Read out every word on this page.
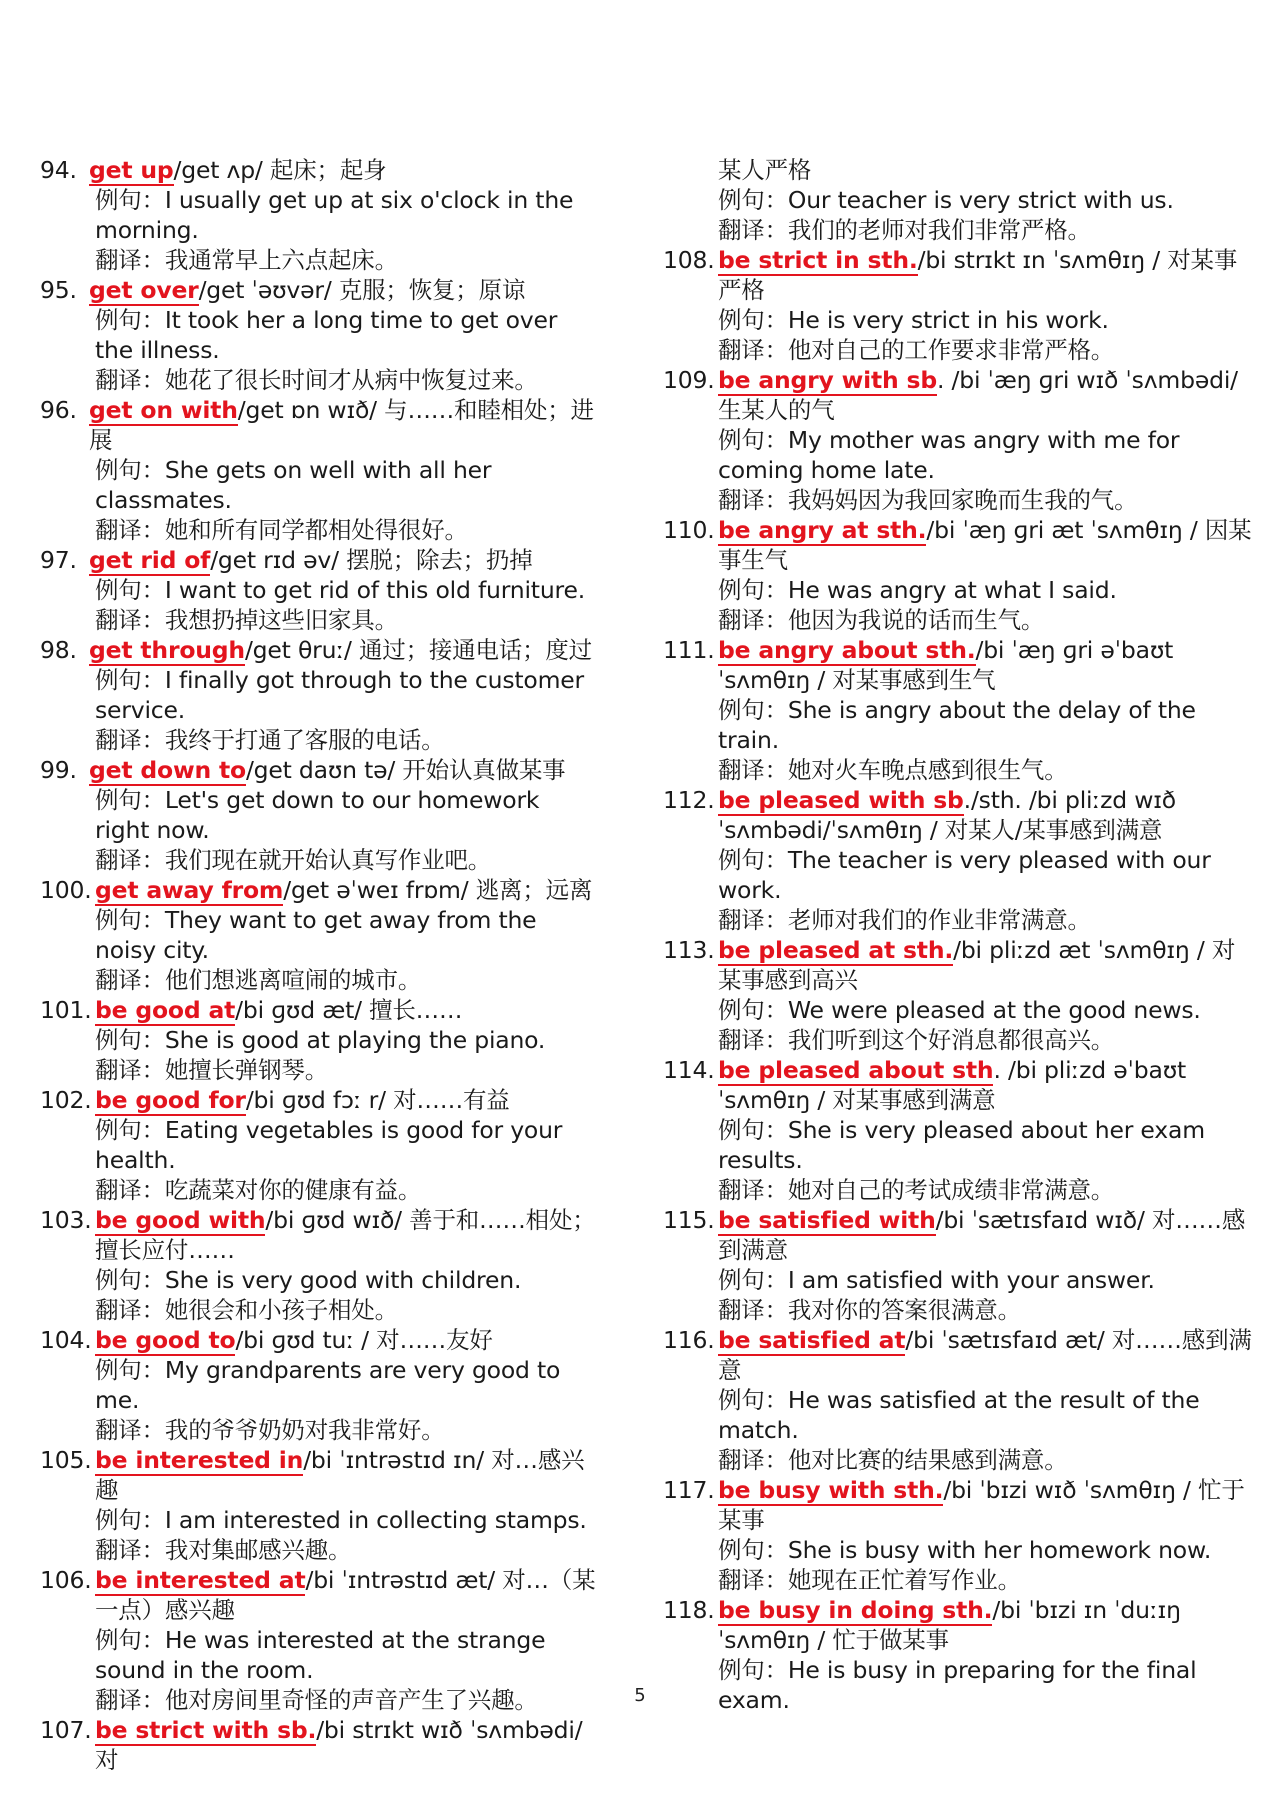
94. get up/get ʌp/ 起床；起身
例句：I usually get up at six o'clock in the morning.
翻译：我通常早上六点起床。
95. get over/get ˈəʊvər/ 克服；恢复；原谅
例句：It took her a long time to get over the illness.
翻译：她花了很长时间才从病中恢复过来。
96. get on with/get ɒn wɪð/ 与……和睦相处；进展
例句：She gets on well with all her classmates.
翻译：她和所有同学都相处得很好。
97. get rid of/get rɪd əv/ 摆脱；除去；扔掉
例句：I want to get rid of this old furniture.
翻译：我想扔掉这些旧家具。
98. get through/get θruː/ 通过；接通电话；度过
例句：I finally got through to the customer service.
翻译：我终于打通了客服的电话。
99. get down to/get daʊn tə/ 开始认真做某事
例句：Let's get down to our homework right now.
翻译：我们现在就开始认真写作业吧。
100. get away from/get əˈweɪ frɒm/ 逃离；远离
例句：They want to get away from the noisy city.
翻译：他们想逃离喧闹的城市。
101. be good at/bi ɡʊd æt/ 擅长……
例句：She is good at playing the piano.
翻译：她擅长弹钢琴。
102. be good for/bi ɡʊd fɔː r/ 对……有益
例句：Eating vegetables is good for your health.
翻译：吃蔬菜对你的健康有益。
103. be good with/bi ɡʊd wɪð/ 善于和……相处；擅长应付……
例句：She is very good with children.
翻译：她很会和小孩子相处。
104. be good to/bi ɡʊd tuː / 对……友好
例句：My grandparents are very good to me.
翻译：我的爷爷奶奶对我非常好。
105. be interested in/bi ˈɪntrəstɪd ɪn/ 对…感兴趣
例句：I am interested in collecting stamps.
翻译：我对集邮感兴趣。
106. be interested at/bi ˈɪntrəstɪd æt/ 对…（某一点）感兴趣
例句：He was interested at the strange sound in the room.
翻译：他对房间里奇怪的声音产生了兴趣。
107. be strict with sb./bi strɪkt wɪð ˈsʌmbədi/ 对
某人严格
例句：Our teacher is very strict with us.
翻译：我们的老师对我们非常严格。
108. be strict in sth./bi strɪkt ɪn ˈsʌmθɪŋ / 对某事严格
例句：He is very strict in his work.
翻译：他对自己的工作要求非常严格。
109. be angry with sb. /bi ˈæŋ ɡri wɪð ˈsʌmbədi/ 生某人的气
例句：My mother was angry with me for coming home late.
翻译：我妈妈因为我回家晚而生我的气。
110. be angry at sth./bi ˈæŋ ɡri æt ˈsʌmθɪŋ / 因某事生气
例句：He was angry at what I said.
翻译：他因为我说的话而生气。
111. be angry about sth./bi ˈæŋ ɡri əˈbaʊt ˈsʌmθɪŋ / 对某事感到生气
例句：She is angry about the delay of the train.
翻译：她对火车晚点感到很生气。
112. be pleased with sb./sth. /bi pliːzd wɪð ˈsʌmbədi/ˈsʌmθɪŋ / 对某人/某事感到满意
例句：The teacher is very pleased with our work.
翻译：老师对我们的作业非常满意。
113. be pleased at sth./bi pliːzd æt ˈsʌmθɪŋ / 对某事感到高兴
例句：We were pleased at the good news.
翻译：我们听到这个好消息都很高兴。
114. be pleased about sth. /bi pliːzd əˈbaʊt ˈsʌmθɪŋ / 对某事感到满意
例句：She is very pleased about her exam results.
翻译：她对自己的考试成绩非常满意。
115. be satisfied with/bi ˈsætɪsfaɪd wɪð/ 对……感到满意
例句：I am satisfied with your answer.
翻译：我对你的答案很满意。
116. be satisfied at/bi ˈsætɪsfaɪd æt/ 对……感到满意
例句：He was satisfied at the result of the match.
翻译：他对比赛的结果感到满意。
117. be busy with sth./bi ˈbɪzi wɪð ˈsʌmθɪŋ / 忙于某事
例句：She is busy with her homework now.
翻译：她现在正忙着写作业。
118. be busy in doing sth./bi ˈbɪzi ɪn ˈduːɪŋ ˈsʌmθɪŋ / 忙于做某事
例句：He is busy in preparing for the final exam.
5
